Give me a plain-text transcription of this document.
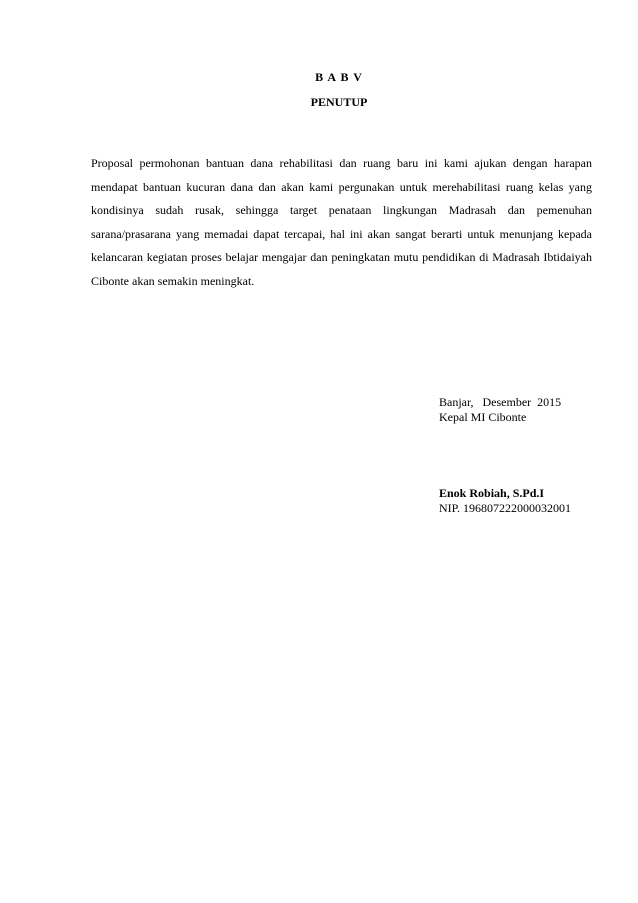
B A B V
PENUTUP

Proposal permohonan bantuan dana rehabilitasi dan ruang baru ini kami ajukan dengan harapan mendapat bantuan kucuran dana dan akan kami pergunakan untuk merehabilitasi ruang kelas yang kondisinya sudah rusak, sehingga target penataan lingkungan Madrasah dan pemenuhan sarana/prasarana yang memadai dapat tercapai, hal ini akan sangat berarti untuk menunjang kepada kelancaran kegiatan proses belajar mengajar dan peningkatan mutu pendidikan di Madrasah Ibtidaiyah Cibonte akan semakin meningkat.

Banjar,   Desember  2015
Kepal MI Cibonte
Enok Robiah, S.Pd.I
NIP. 196807222000032001
